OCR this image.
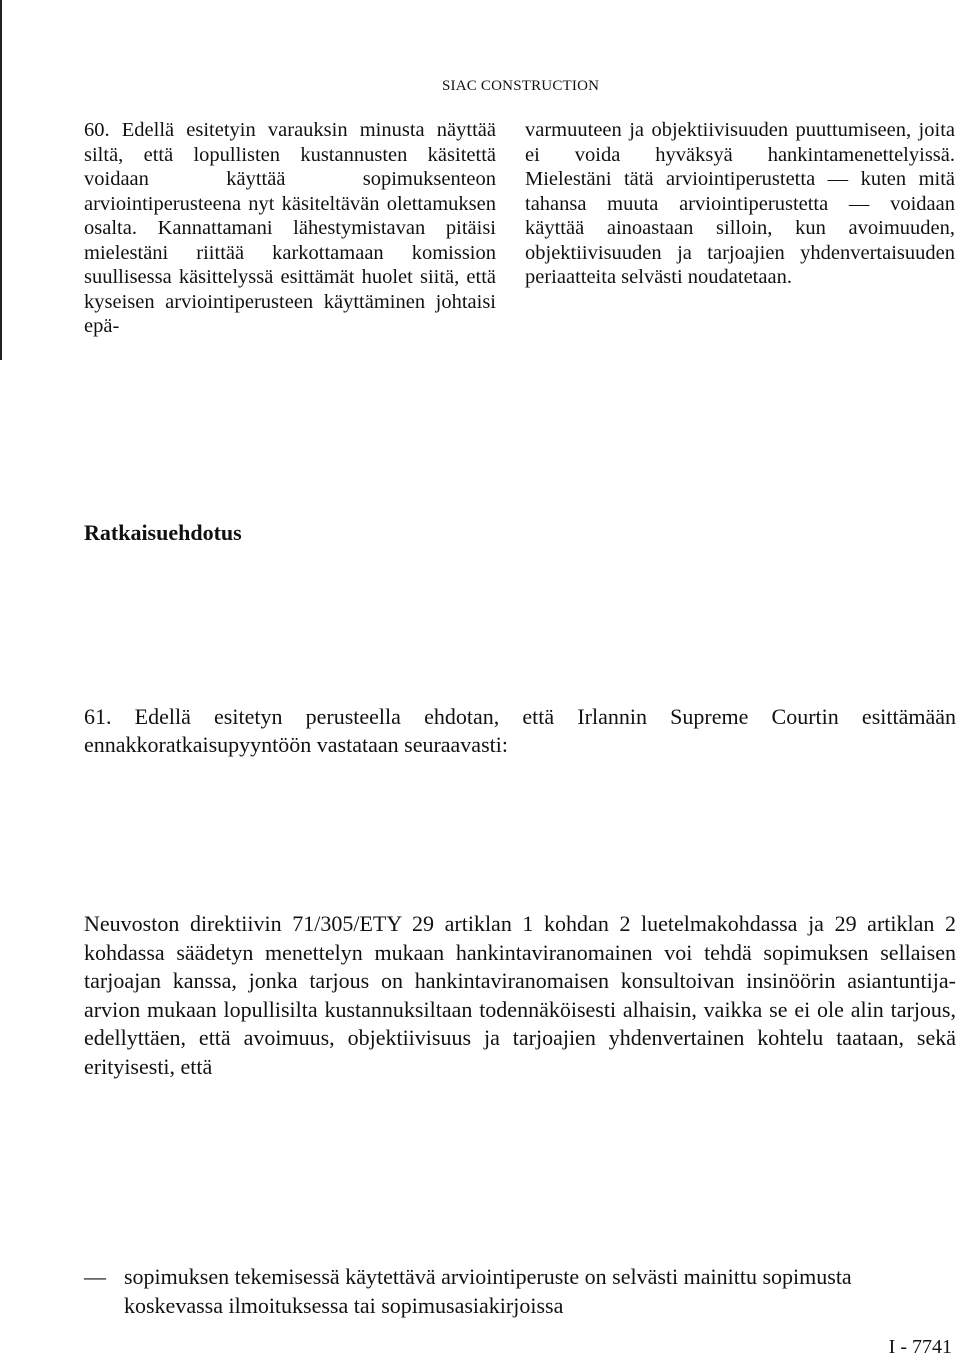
SIAC CONSTRUCTION
60. Edellä esitetyin varauksin minusta näyttää siltä, että lopullisten kustannusten käsitettä voidaan käyttää sopimuksenteon arviointiperusteena nyt käsiteltävän olettamuksen osalta. Kannattamani lähestymistavan pitäisi mielestäni riittää karkottamaan komission suullisessa käsittelyssä esittämät huolet siitä, että kyseisen arviointiperusteen käyttäminen johtaisi epä-
varmuuteen ja objektiivisuuden puuttumiseen, joita ei voida hyväksyä hankintamenettelyissä. Mielestäni tätä arviointiperustetta — kuten mitä tahansa muuta arviointiperustetta — voidaan käyttää ainoastaan silloin, kun avoimuuden, objektiivisuuden ja tarjoajien yhdenvertaisuuden periaatteita selvästi noudatetaan.
Ratkaisuehdotus
61. Edellä esitetyn perusteella ehdotan, että Irlannin Supreme Courtin esittämään ennakkoratkaisupyyntöön vastataan seuraavasti:
Neuvoston direktiivin 71/305/ETY 29 artiklan 1 kohdan 2 luetelmakohdassa ja 29 artiklan 2 kohdassa säädetyn menettelyn mukaan hankintaviranomainen voi tehdä sopimuksen sellaisen tarjoajan kanssa, jonka tarjous on hankintaviranomaisen konsultoivan insinöörin asiantuntija-arvion mukaan lopullisilta kustannuksiltaan todennäköisesti alhaisin, vaikka se ei ole alin tarjous, edellyttäen, että avoimuus, objektiivisuus ja tarjoajien yhdenvertainen kohtelu taataan, sekä erityisesti, että
— sopimuksen tekemisessä käytettävä arviointiperuste on selvästi mainittu sopimusta koskevassa ilmoituksessa tai sopimusasiakirjoissa
I - 7741
